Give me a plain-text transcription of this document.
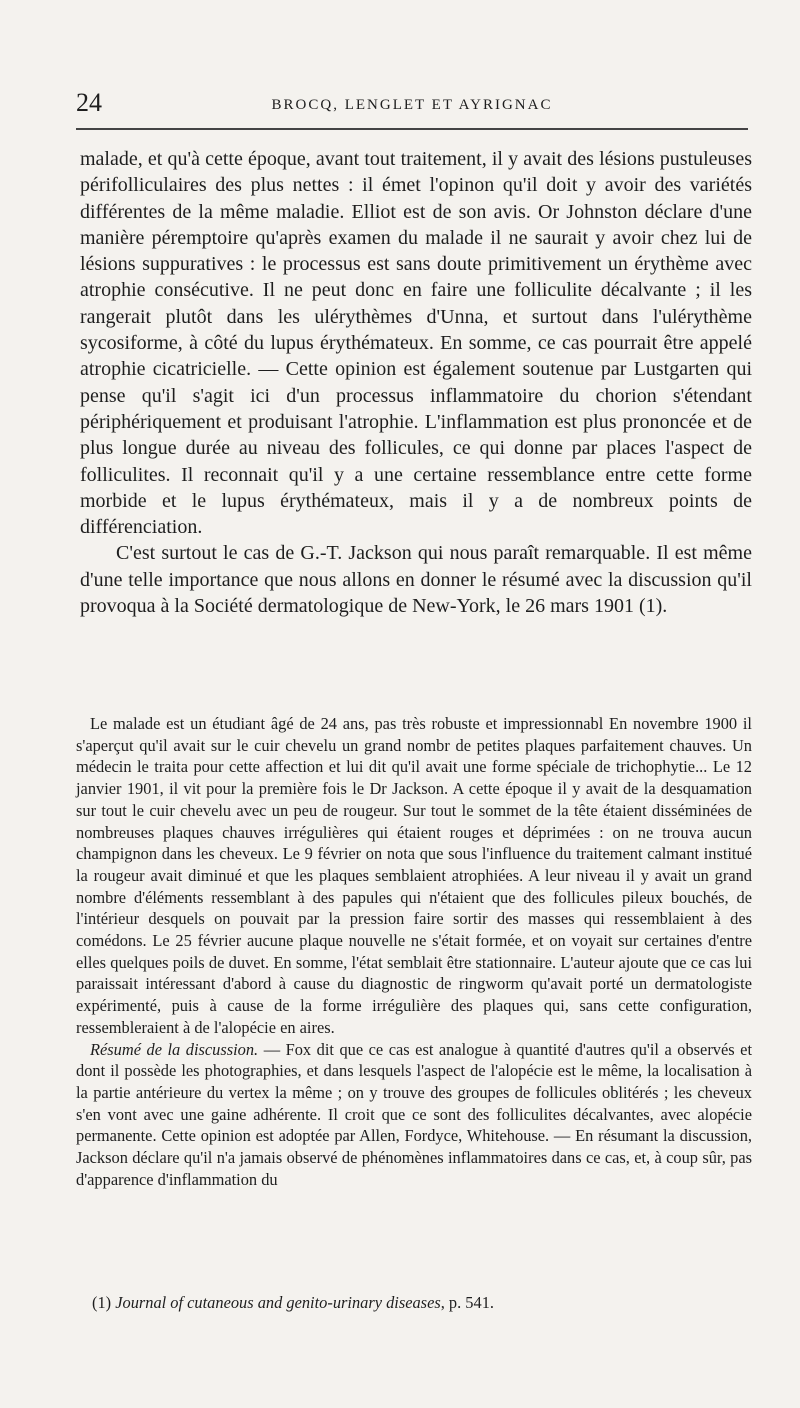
24	BROCQ, LENGLET ET AYRIGNAC

malade, et qu'à cette époque, avant tout traitement, il y avait des lésions pustuleuses périfolliculaires des plus nettes : il émet l'opinon qu'il doit y avoir des variétés différentes de la même maladie. Elliot est de son avis. Or Johnston déclare d'une manière péremptoire qu'après examen du malade il ne saurait y avoir chez lui de lésions suppuratives : le processus est sans doute primitivement un érythème avec atrophie consécutive. Il ne peut donc en faire une folliculite décalvante ; il les rangerait plutôt dans les ulérythèmes d'Unna, et surtout dans l'ulérythème sycosiforme, à côté du lupus érythémateux. En somme, ce cas pourrait être appelé atrophie cicatricielle. — Cette opinion est également soutenue par Lustgarten qui pense qu'il s'agit ici d'un processus inflammatoire du chorion s'étendant périphériquement et produisant l'atrophie. L'inflammation est plus prononcée et de plus longue durée au niveau des follicules, ce qui donne par places l'aspect de folliculites. Il reconnait qu'il y a une certaine ressemblance entre cette forme morbide et le lupus érythémateux, mais il y a de nombreux points de différenciation.

C'est surtout le cas de G.-T. Jackson qui nous paraît remarquable. Il est même d'une telle importance que nous allons en donner le résumé avec la discussion qu'il provoqua à la Société dermatologique de New-York, le 26 mars 1901 (1).

Le malade est un étudiant âgé de 24 ans, pas très robuste et impressionnabl En novembre 1900 il s'aperçut qu'il avait sur le cuir chevelu un grand nombr de petites plaques parfaitement chauves. Un médecin le traita pour cette affection et lui dit qu'il avait une forme spéciale de trichophytie... Le 12 janvier 1901, il vit pour la première fois le Dr Jackson. A cette époque il y avait de la desquamation sur tout le cuir chevelu avec un peu de rougeur. Sur tout le sommet de la tête étaient disséminées de nombreuses plaques chauves irrégulières qui étaient rouges et déprimées : on ne trouva aucun champignon dans les cheveux. Le 9 février on nota que sous l'influence du traitement calmant institué la rougeur avait diminué et que les plaques semblaient atrophiées. A leur niveau il y avait un grand nombre d'éléments ressemblant à des papules qui n'étaient que des follicules pileux bouchés, de l'intérieur desquels on pouvait par la pression faire sortir des masses qui ressemblaient à des comédons. Le 25 février aucune plaque nouvelle ne s'était formée, et on voyait sur certaines d'entre elles quelques poils de duvet. En somme, l'état semblait être stationnaire. L'auteur ajoute que ce cas lui paraissait intéressant d'abord à cause du diagnostic de ringworm qu'avait porté un dermatologiste expérimenté, puis à cause de la forme irrégulière des plaques qui, sans cette configuration, ressembleraient à de l'alopécie en aires.

Résumé de la discussion. — Fox dit que ce cas est analogue à quantité d'autres qu'il a observés et dont il possède les photographies, et dans lesquels l'aspect de l'alopécie est le même, la localisation à la partie antérieure du vertex la même ; on y trouve des groupes de follicules oblitérés ; les cheveux s'en vont avec une gaine adhérente. Il croit que ce sont des folliculites décalvantes, avec alopécie permanente. Cette opinion est adoptée par Allen, Fordyce, Whitehouse. — En résumant la discussion, Jackson déclare qu'il n'a jamais observé de phénomènes inflammatoires dans ce cas, et, à coup sûr, pas d'apparence d'inflammation du

(1) Journal of cutaneous and genito-urinary diseases, p. 541.
